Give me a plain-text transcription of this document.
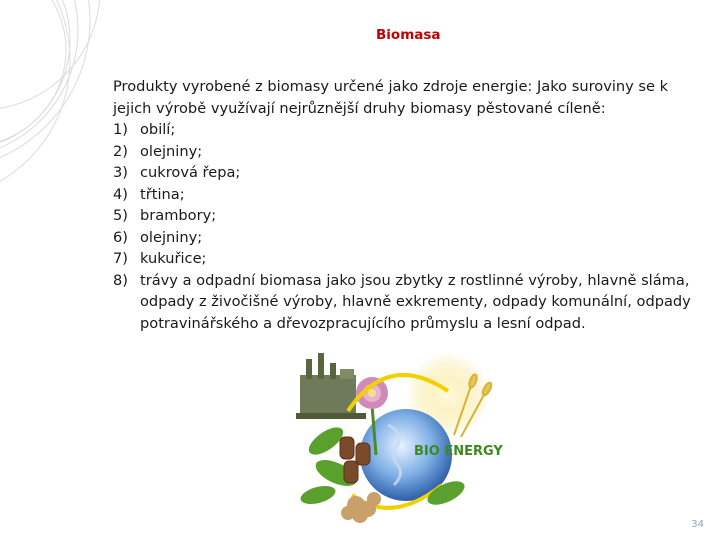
Biomasa

Produkty vyrobené z biomasy určené jako zdroje energie: Jako suroviny se k jejich výrobě využívají nejrůznější druhy biomasy pěstované cíleně:

1) obilí;
2) olejniny;
3) cukrová řepa;
4) třtina;
5) brambory;
6) olejniny;
7) kukuřice;
8) trávy a odpadní biomasa jako jsou zbytky z rostlinné výroby, hlavně sláma, odpady z živočišné výroby, hlavně exkrementy, odpady komunální, odpady potravinářského a dřevozpracujícího průmyslu a lesní odpad.
BIO ENERGY
34
